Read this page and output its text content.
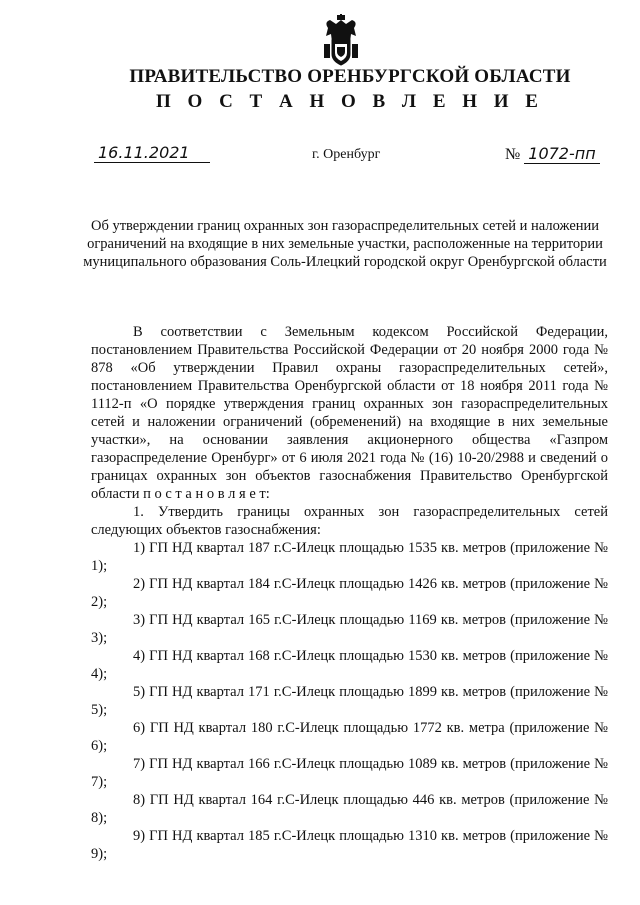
ПРАВИТЕЛЬСТВО ОРЕНБУРГСКОЙ ОБЛАСТИ
П О С Т А Н О В Л Е Н И Е
16.11.2021	г. Оренбург	№ 1072-пп
Об утверждении границ охранных зон газораспределительных сетей и наложении ограничений на входящие в них земельные участки, расположенные на территории муниципального образования Соль-Илецкий городской округ Оренбургской области

В соответствии с Земельным кодексом Российской Федерации, постановлением Правительства Российской Федерации от 20 ноября 2000 года № 878 «Об утверждении Правил охраны газораспределительных сетей», постановлением Правительства Оренбургской области от 18 ноября 2011 года № 1112-п «О порядке утверждения границ охранных зон газораспределительных сетей и наложении ограничений (обременений) на входящие в них земельные участки», на основании заявления акционерного общества «Газпром газораспределение Оренбург» от 6 июля 2021 года № (16) 10-20/2988 и сведений о границах охранных зон объектов газоснабжения Правительство Оренбургской области п о с т а н о в л я е т:

1. Утвердить границы охранных зон газораспределительных сетей следующих объектов газоснабжения:

1) ГП НД квартал 187 г.С-Илецк площадью 1535 кв. метров (приложение № 1);

2) ГП НД квартал 184 г.С-Илецк площадью 1426 кв. метров (приложение № 2);

3) ГП НД квартал 165 г.С-Илецк площадью 1169 кв. метров (приложение № 3);

4) ГП НД квартал 168 г.С-Илецк площадью 1530 кв. метров (приложение № 4);

5) ГП НД квартал 171 г.С-Илецк площадью 1899 кв. метров (приложение № 5);

6) ГП НД квартал 180 г.С-Илецк площадью 1772 кв. метра (приложение № 6);

7) ГП НД квартал 166 г.С-Илецк площадью 1089 кв. метров (приложение № 7);

8) ГП НД квартал 164 г.С-Илецк площадью 446 кв. метров (приложение № 8);

9) ГП НД квартал 185 г.С-Илецк площадью 1310 кв. метров (приложение № 9);
